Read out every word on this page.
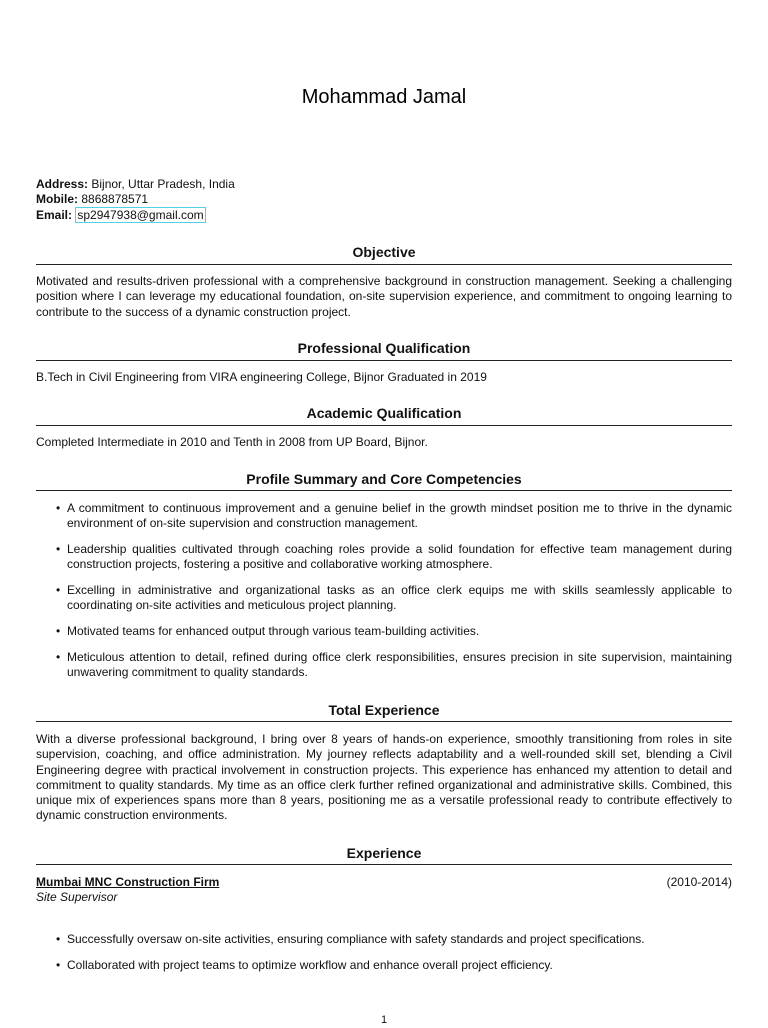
Mohammad Jamal
Address: Bijnor, Uttar Pradesh, India
Mobile: 8868878571
Email: sp2947938@gmail.com
Objective
Motivated and results-driven professional with a comprehensive background in construction management. Seeking a challenging position where I can leverage my educational foundation, on-site supervision experience, and commitment to ongoing learning to contribute to the success of a dynamic construction project.
Professional Qualification
B.Tech in Civil Engineering from VIRA engineering College, Bijnor Graduated in 2019
Academic Qualification
Completed Intermediate in 2010 and Tenth in 2008 from UP Board, Bijnor.
Profile Summary and Core Competencies
• A commitment to continuous improvement and a genuine belief in the growth mindset position me to thrive in the dynamic environment of on-site supervision and construction management.
• Leadership qualities cultivated through coaching roles provide a solid foundation for effective team management during construction projects, fostering a positive and collaborative working atmosphere.
• Excelling in administrative and organizational tasks as an office clerk equips me with skills seamlessly applicable to coordinating on-site activities and meticulous project planning.
• Motivated teams for enhanced output through various team-building activities.
• Meticulous attention to detail, refined during office clerk responsibilities, ensures precision in site supervision, maintaining unwavering commitment to quality standards.
Total Experience
With a diverse professional background, I bring over 8 years of hands-on experience, smoothly transitioning from roles in site supervision, coaching, and office administration. My journey reflects adaptability and a well-rounded skill set, blending a Civil Engineering degree with practical involvement in construction projects. This experience has enhanced my attention to detail and commitment to quality standards. My time as an office clerk further refined organizational and administrative skills. Combined, this unique mix of experiences spans more than 8 years, positioning me as a versatile professional ready to contribute effectively to dynamic construction environments.
Experience
Mumbai MNC Construction Firm	(2010-2014)
Site Supervisor
• Successfully oversaw on-site activities, ensuring compliance with safety standards and project specifications.
• Collaborated with project teams to optimize workflow and enhance overall project efficiency.
1
